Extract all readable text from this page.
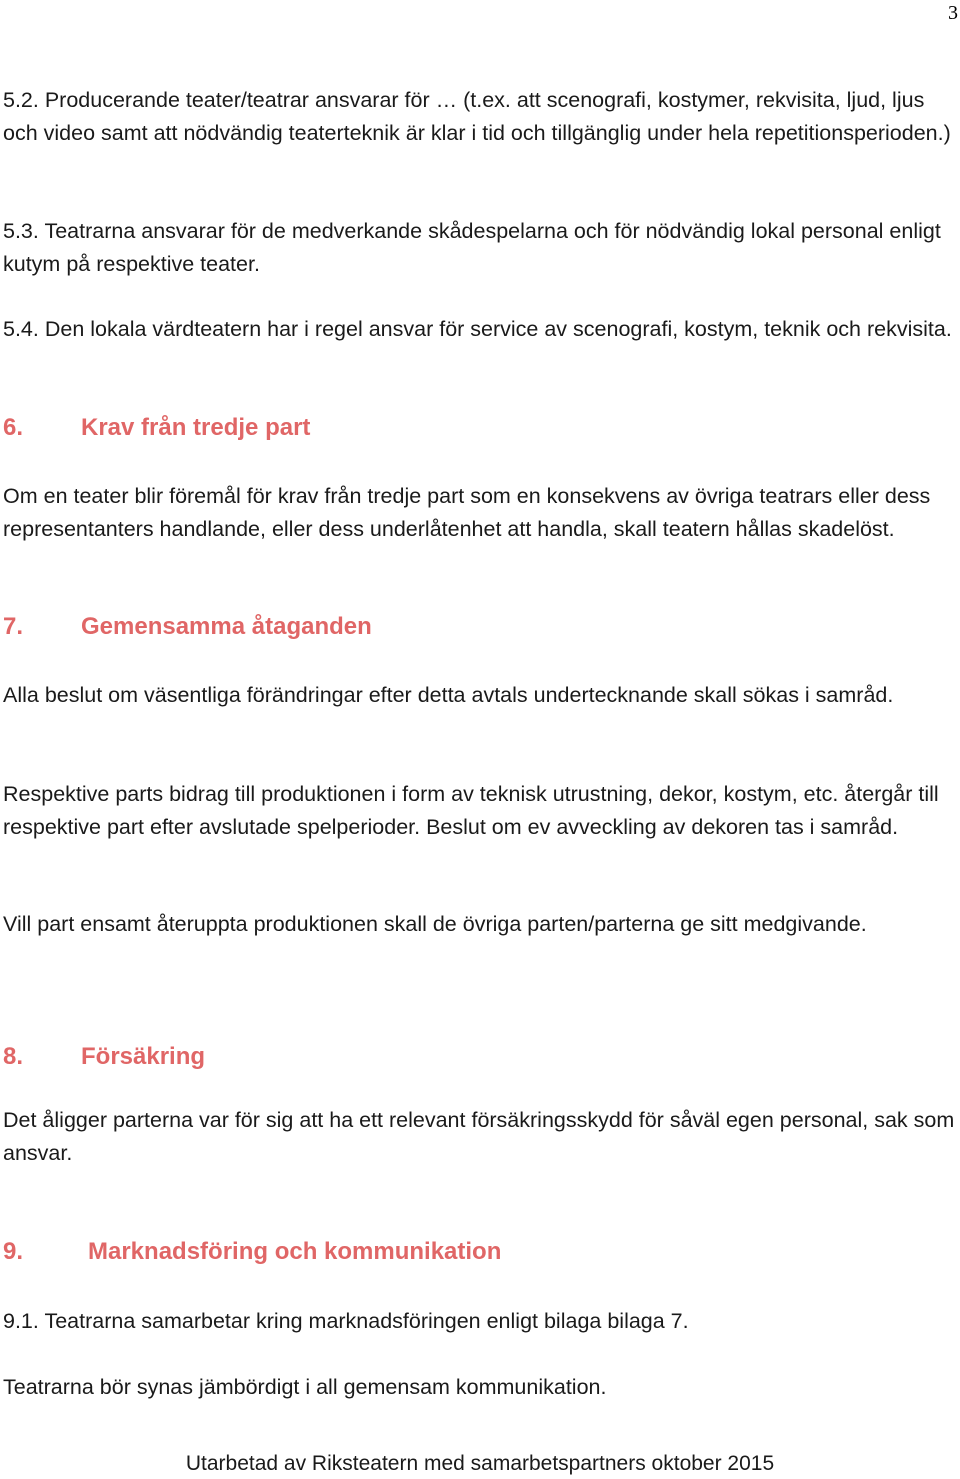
3

5.2. Producerande teater/teatrar ansvarar för … (t.ex. att scenografi, kostymer, rekvisita, ljud, ljus och video samt att nödvändig teaterteknik är klar i tid och tillgänglig under hela repetitionsperioden.)

5.3. Teatrarna ansvarar för de medverkande skådespelarna och för nödvändig lokal personal enligt kutym på respektive teater.

5.4. Den lokala värdteatern har i regel ansvar för service av scenografi, kostym, teknik och rekvisita.

6. Krav från tredje part

Om en teater blir föremål för krav från tredje part som en konsekvens av övriga teatrars eller dess representanters handlande, eller dess underlåtenhet att handla, skall teatern hållas skadelöst.

7. Gemensamma åtaganden

Alla beslut om väsentliga förändringar efter detta avtals undertecknande skall sökas i samråd.

Respektive parts bidrag till produktionen i form av teknisk utrustning, dekor, kostym, etc. återgår till respektive part efter avslutade spelperioder. Beslut om ev avveckling av dekoren tas i samråd.

Vill part ensamt återuppta produktionen skall de övriga parten/parterna ge sitt medgivande.

8. Försäkring

Det åligger parterna var för sig att ha ett relevant försäkringsskydd för såväl egen personal, sak som ansvar.

9.	Marknadsföring och kommunikation

9.1. Teatrarna samarbetar kring marknadsföringen enligt bilaga bilaga 7.

Teatrarna bör synas jämbördigt i all gemensam kommunikation.

Utarbetad av Riksteatern med samarbetspartners oktober 2015
